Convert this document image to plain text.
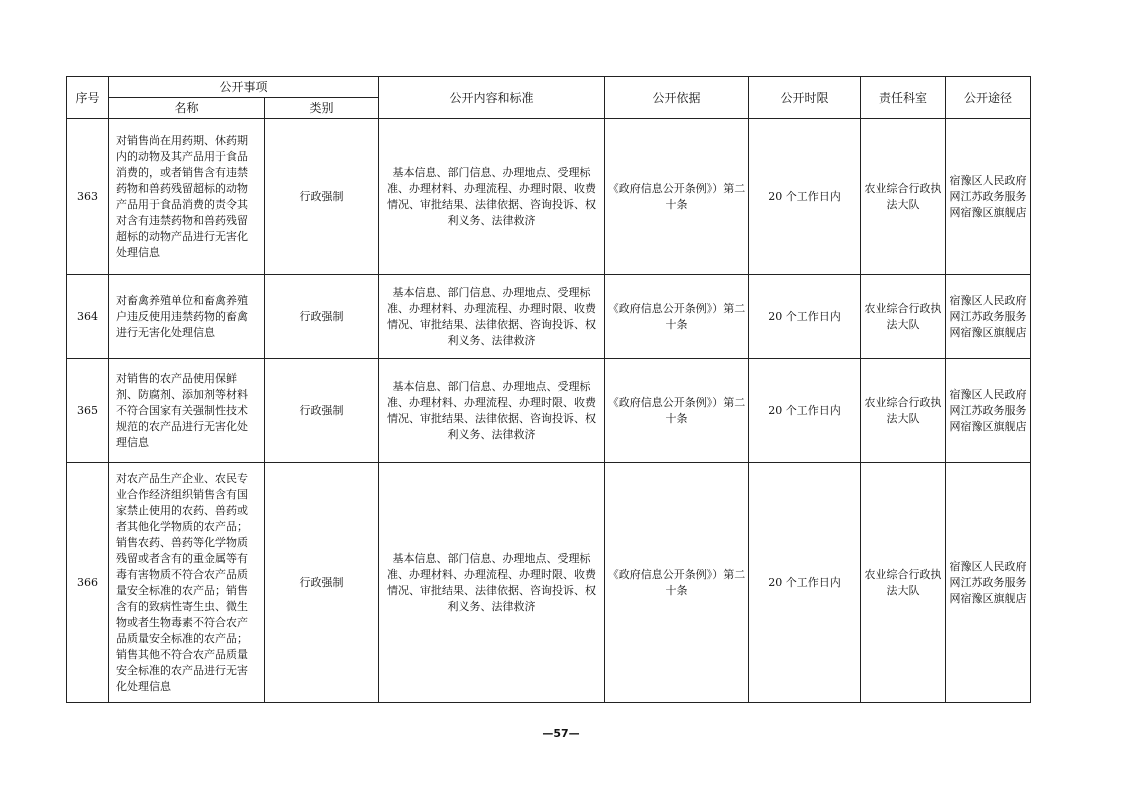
序号	公开事项		公开内容和标准	公开依据	公开时限	责任科室	公开途径
	名称	类别					
363	对销售尚在用药期、休药期内的动物及其产品用于食品消费的，或者销售含有违禁药物和兽药残留超标的动物产品用于食品消费的责令其对含有违禁药物和兽药残留超标的动物产品进行无害化处理信息	行政强制	基本信息、部门信息、办理地点、受理标准、办理材料、办理流程、办理时限、收费情况、审批结果、法律依据、咨询投诉、权利义务、法律救济	《政府信息公开条例》）第二十条	20 个工作日内	农业综合行政执法大队	宿豫区人民政府网江苏政务服务网宿豫区旗舰店
364	对畜禽养殖单位和畜禽养殖户违反使用违禁药物的畜禽进行无害化处理信息	行政强制	基本信息、部门信息、办理地点、受理标准、办理材料、办理流程、办理时限、收费情况、审批结果、法律依据、咨询投诉、权利义务、法律救济	《政府信息公开条例》）第二十条	20 个工作日内	农业综合行政执法大队	宿豫区人民政府网江苏政务服务网宿豫区旗舰店
365	对销售的农产品使用保鲜剂、防腐剂、添加剂等材料不符合国家有关强制性技术规范的农产品进行无害化处理信息	行政强制	基本信息、部门信息、办理地点、受理标准、办理材料、办理流程、办理时限、收费情况、审批结果、法律依据、咨询投诉、权利义务、法律救济	《政府信息公开条例》）第二十条	20 个工作日内	农业综合行政执法大队	宿豫区人民政府网江苏政务服务网宿豫区旗舰店
366	对农产品生产企业、农民专业合作经济组织销售含有国家禁止使用的农药、兽药或者其他化学物质的农产品；销售农药、兽药等化学物质残留或者含有的重金属等有毒有害物质不符合农产品质量安全标准的农产品；销售含有的致病性寄生虫、微生物或者生物毒素不符合农产品质量安全标准的农产品；销售其他不符合农产品质量安全标准的农产品进行无害化处理信息	行政强制	基本信息、部门信息、办理地点、受理标准、办理材料、办理流程、办理时限、收费情况、审批结果、法律依据、咨询投诉、权利义务、法律救济	《政府信息公开条例》）第二十条	20 个工作日内	农业综合行政执法大队	宿豫区人民政府网江苏政务服务网宿豫区旗舰店
—57—
